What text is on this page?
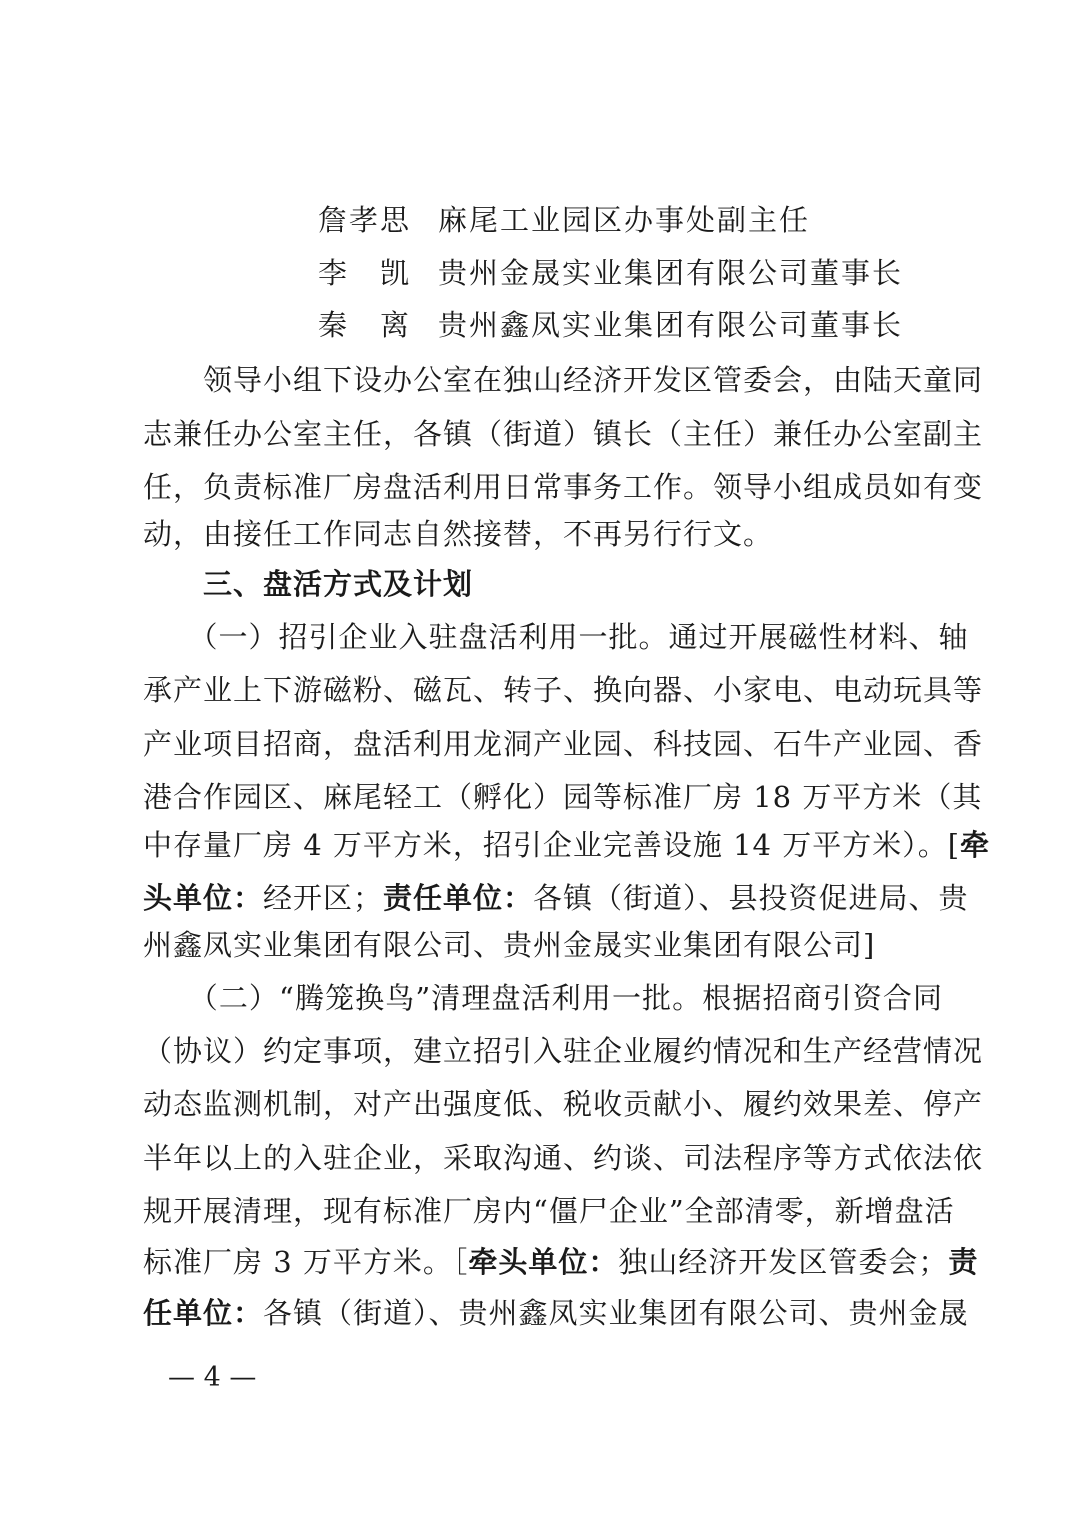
詹孝思 麻尾工业园区办事处副主任
李　凯 贵州金晟实业集团有限公司董事长
秦　离 贵州鑫凤实业集团有限公司董事长
　　领导小组下设办公室在独山经济开发区管委会，由陆天童同
志兼任办公室主任，各镇（街道）镇长（主任）兼任办公室副主
任，负责标准厂房盘活利用日常事务工作。领导小组成员如有变
动，由接任工作同志自然接替，不再另行行文。
　　三、盘活方式及计划
　　（一）招引企业入驻盘活利用一批。通过开展磁性材料、轴
承产业上下游磁粉、磁瓦、转子、换向器、小家电、电动玩具等
产业项目招商，盘活利用龙洞产业园、科技园、石牛产业园、香
港合作园区、麻尾轻工（孵化）园等标准厂房 18 万平方米（其
中存量厂房 4 万平方米，招引企业完善设施 14 万平方米）。[牵
头单位：经开区；责任单位：各镇（街道）、县投资促进局、贵
州鑫凤实业集团有限公司、贵州金晟实业集团有限公司]
　　（二）“腾笼换鸟”清理盘活利用一批。根据招商引资合同
（协议）约定事项，建立招引入驻企业履约情况和生产经营情况
动态监测机制，对产出强度低、税收贡献小、履约效果差、停产
半年以上的入驻企业，采取沟通、约谈、司法程序等方式依法依
规开展清理，现有标准厂房内“僵尸企业”全部清零，新增盘活
标准厂房 3 万平方米。［牵头单位：独山经济开发区管委会；责
任单位：各镇（街道）、贵州鑫凤实业集团有限公司、贵州金晟
— 4 —
